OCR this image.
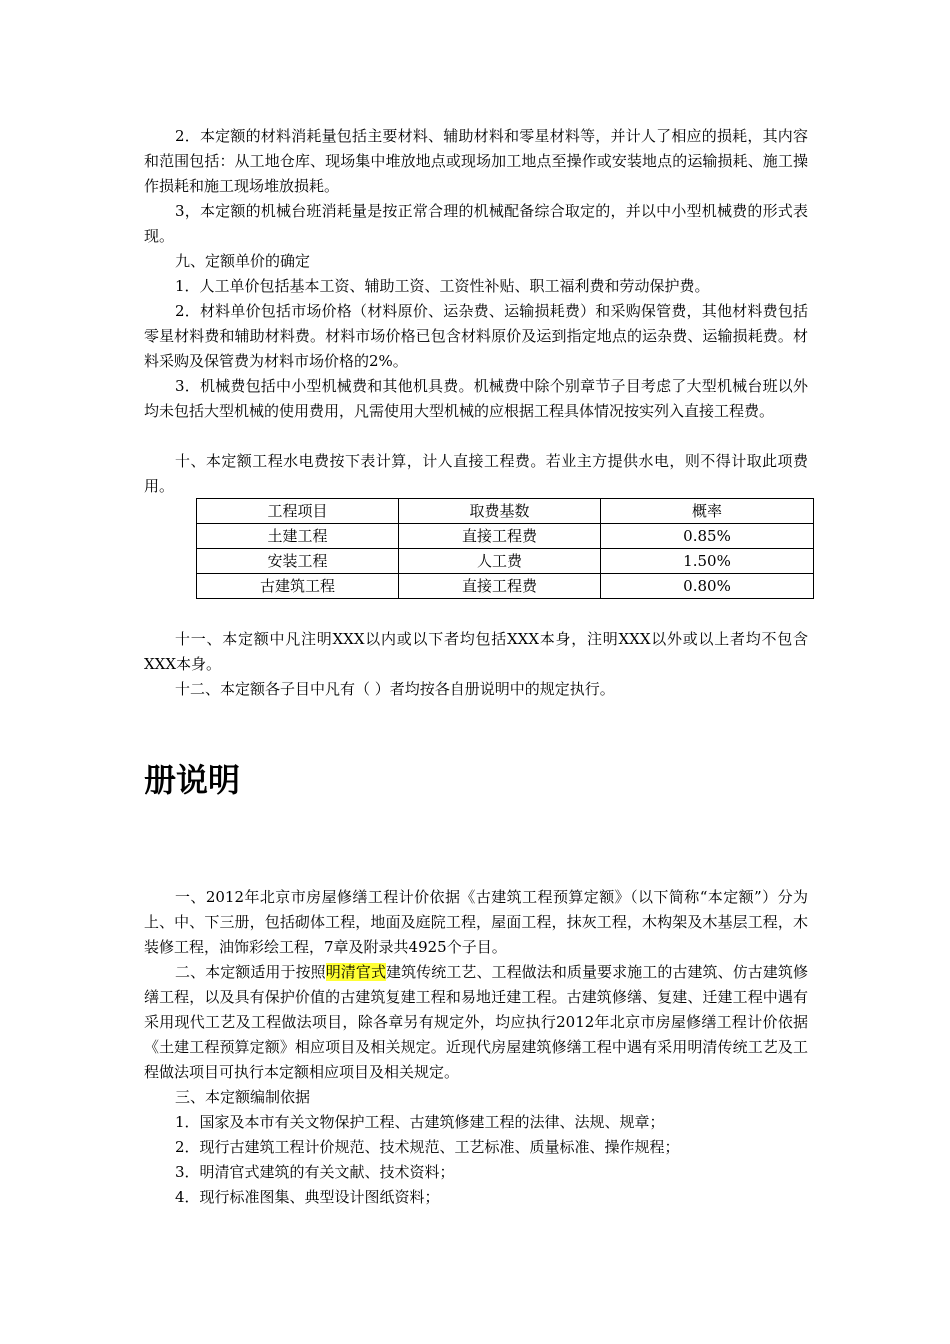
2．本定额的材料消耗量包括主要材料、辅助材料和零星材料等，并计人了相应的损耗，其内容和范围包括：从工地仓库、现场集中堆放地点或现场加工地点至操作或安装地点的运输损耗、施工操作损耗和施工现场堆放损耗。

3，本定额的机械台班消耗量是按正常合理的机械配备综合取定的，并以中小型机械费的形式表现。

九、定额单价的确定

1．人工单价包括基本工资、辅助工资、工资性补贴、职工福利费和劳动保护费。

2．材料单价包括市场价格（材料原价、运杂费、运输损耗费）和采购保管费，其他材料费包括零星材料费和辅助材料费。材料市场价格已包含材料原价及运到指定地点的运杂费、运输损耗费。材料采购及保管费为材料市场价格的2%。

3．机械费包括中小型机械费和其他机具费。机械费中除个别章节子目考虑了大型机械台班以外均未包括大型机械的使用费用，凡需使用大型机械的应根据工程具体情况按实列入直接工程费。

十、本定额工程水电费按下表计算，计人直接工程费。若业主方提供水电，则不得计取此项费用。

工程项目	取费基数	概率
土建工程	直接工程费	0.85%
安装工程	人工费	1.50%
古建筑工程	直接工程费	0.80%

十一、本定额中凡注明XXX以内或以下者均包括XXX本身，注明XXX以外或以上者均不包含XXX本身。

十二、本定额各子目中凡有（ ）者均按各自册说明中的规定执行。

册说明

一、2012年北京市房屋修缮工程计价依据《古建筑工程预算定额》（以下简称“本定额”）分为上、中、下三册，包括砌体工程，地面及庭院工程，屋面工程，抹灰工程，木构架及木基层工程，木装修工程，油饰彩绘工程，7章及附录共4925个子目。

二、本定额适用于按照明清官式建筑传统工艺、工程做法和质量要求施工的古建筑、仿古建筑修缮工程，以及具有保护价值的古建筑复建工程和易地迁建工程。古建筑修缮、复建、迁建工程中遇有采用现代工艺及工程做法项目，除各章另有规定外，均应执行2012年北京市房屋修缮工程计价依据《土建工程预算定额》相应项目及相关规定。近现代房屋建筑修缮工程中遇有采用明清传统工艺及工程做法项目可执行本定额相应项目及相关规定。

三、本定额编制依据

1．国家及本市有关文物保护工程、古建筑修建工程的法律、法规、规章；

2．现行古建筑工程计价规范、技术规范、工艺标准、质量标准、操作规程；

3．明清官式建筑的有关文献、技术资料；

4．现行标准图集、典型设计图纸资料；
